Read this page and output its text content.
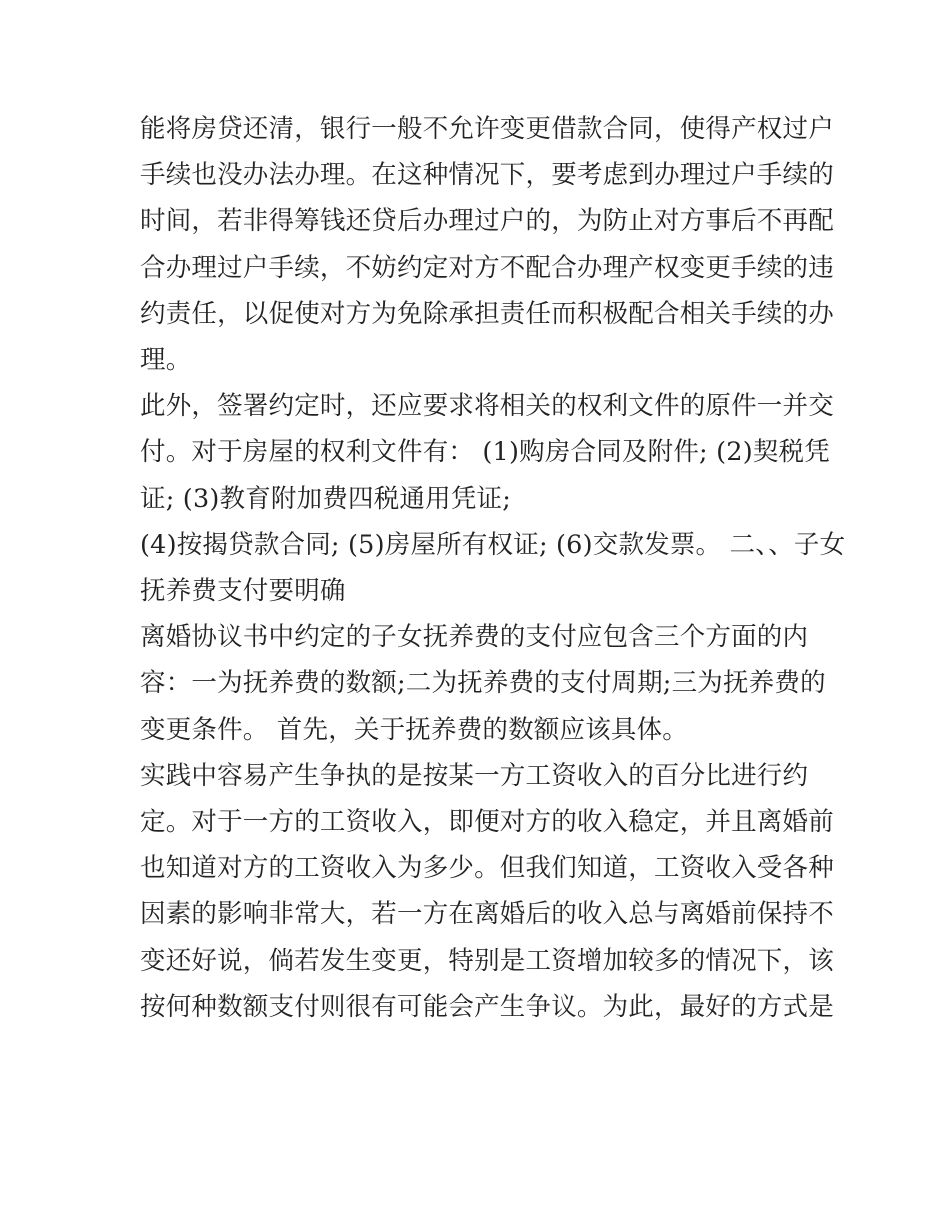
能将房贷还清，银行一般不允许变更借款合同，使得产权过户
手续也没办法办理。在这种情况下，要考虑到办理过户手续的
时间，若非得筹钱还贷后办理过户的，为防止对方事后不再配
合办理过户手续，不妨约定对方不配合办理产权变更手续的违
约责任，以促使对方为免除承担责任而积极配合相关手续的办
理。

此外，签署约定时，还应要求将相关的权利文件的原件一并交
付。对于房屋的权利文件有： (1)购房合同及附件; (2)契税凭
证; (3)教育附加费四税通用凭证;

(4)按揭贷款合同; (5)房屋所有权证; (6)交款发票。 二、、子女
抚养费支付要明确

离婚协议书中约定的子女抚养费的支付应包含三个方面的内
容：一为抚养费的数额;二为抚养费的支付周期;三为抚养费的
变更条件。 首先，关于抚养费的数额应该具体。

实践中容易产生争执的是按某一方工资收入的百分比进行约
定。对于一方的工资收入，即便对方的收入稳定，并且离婚前
也知道对方的工资收入为多少。但我们知道，工资收入受各种
因素的影响非常大，若一方在离婚后的收入总与离婚前保持不
变还好说，倘若发生变更，特别是工资增加较多的情况下，该
按何种数额支付则很有可能会产生争议。为此，最好的方式是
